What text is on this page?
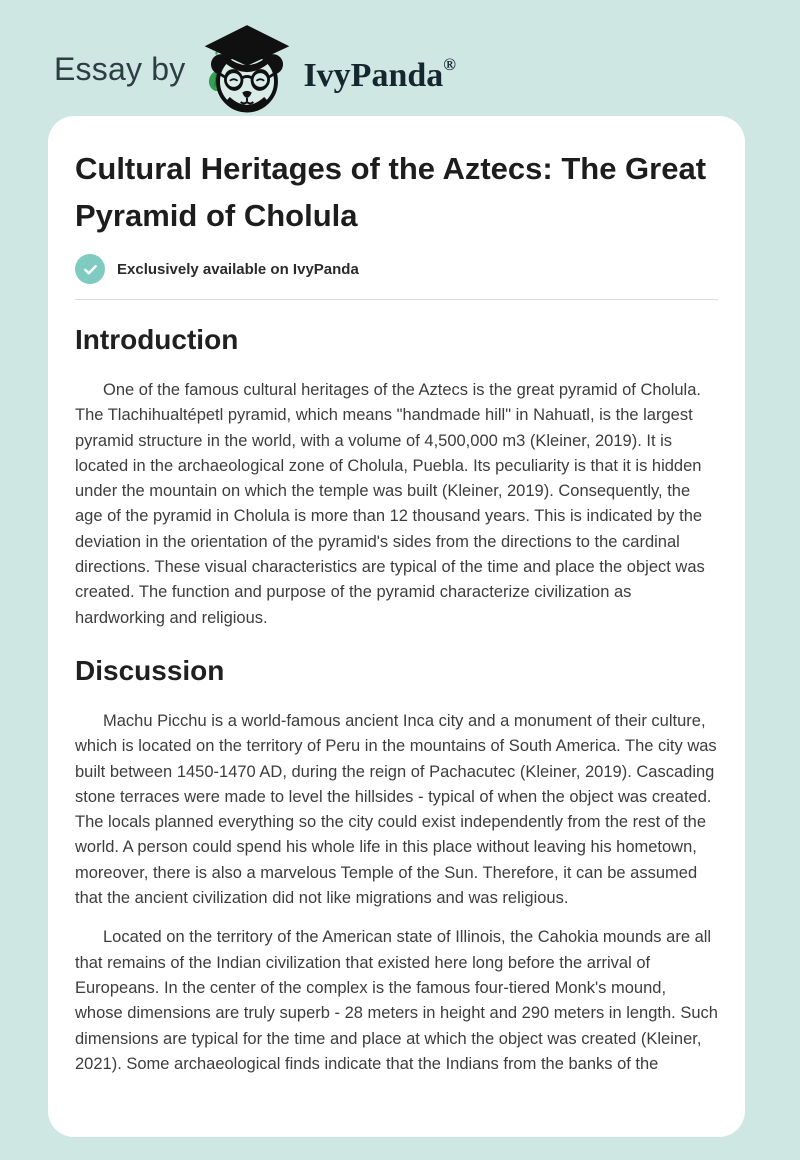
Essay by	IvyPanda ®
Cultural Heritages of the Aztecs: The Great Pyramid of Cholula
Exclusively available on IvyPanda
Introduction

One of the famous cultural heritages of the Aztecs is the great pyramid of Cholula. The Tlachihualtépetl pyramid, which means "handmade hill" in Nahuatl, is the largest pyramid structure in the world, with a volume of 4,500,000 m3 (Kleiner, 2019). It is located in the archaeological zone of Cholula, Puebla. Its peculiarity is that it is hidden under the mountain on which the temple was built (Kleiner, 2019). Consequently, the age of the pyramid in Cholula is more than 12 thousand years. This is indicated by the deviation in the orientation of the pyramid's sides from the directions to the cardinal directions. These visual characteristics are typical of the time and place the object was created. The function and purpose of the pyramid characterize civilization as hardworking and religious.

Discussion

Machu Picchu is a world-famous ancient Inca city and a monument of their culture, which is located on the territory of Peru in the mountains of South America. The city was built between 1450-1470 AD, during the reign of Pachacutec (Kleiner, 2019). Cascading stone terraces were made to level the hillsides - typical of when the object was created. The locals planned everything so the city could exist independently from the rest of the world. A person could spend his whole life in this place without leaving his hometown, moreover, there is also a marvelous Temple of the Sun. Therefore, it can be assumed that the ancient civilization did not like migrations and was religious.

Located on the territory of the American state of Illinois, the Cahokia mounds are all that remains of the Indian civilization that existed here long before the arrival of Europeans. In the center of the complex is the famous four-tiered Monk's mound, whose dimensions are truly superb - 28 meters in height and 290 meters in length. Such dimensions are typical for the time and place at which the object was created (Kleiner, 2021). Some archaeological finds indicate that the Indians from the banks of the
